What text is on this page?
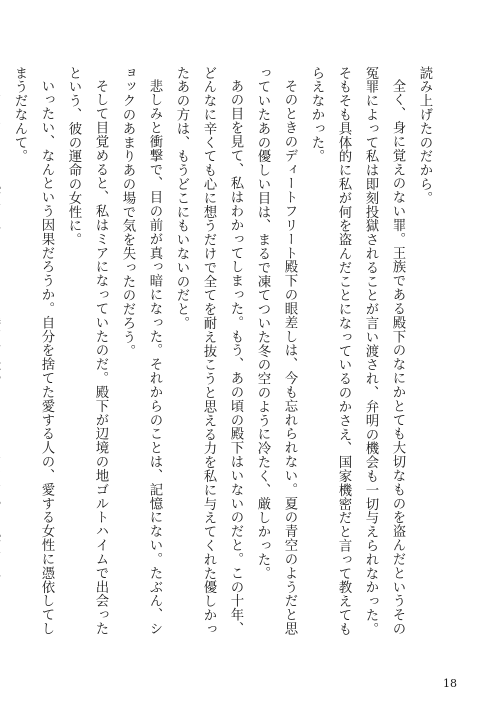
読み上げたのだから。

全く、身に覚えのない罪。王族である殿下のなにかとても大切なものを盗んだというその冤罪によって私は即刻投獄されることが言い渡され、弁明の機会も一切与えられなかった。そもそも具体的に私が何を盗んだことになっているのかさえ、国家機密だと言って教えてもらえなかった。

そのときのディートフリート殿下の眼差しは、今も忘れられない。夏の青空のようだと思っていたあの優しい目は、まるで凍てついた冬の空のように冷たく、厳しかった。

あの目を見て、私はわかってしまった。もう、あの頃の殿下はいないのだと。この十年、どんなに辛くても心に想うだけで全てを耐え抜こうと思える力を私に与えてくれた優しかったあの方は、もうどこにもいないのだと。

悲しみと衝撃で、目の前が真っ暗になった。それからのことは、記憶にない。たぶん、ショックのあまりあの場で気を失ったのだろう。

そして目覚めると、私はミアになっていたのだ。殿下が辺境の地ゴルトハイムで出会ったという、彼の運命の女性に。

いったい、なんという因果だろうか。自分を捨てた愛する人の、愛する女性に憑依してしまうだなんて。

18
